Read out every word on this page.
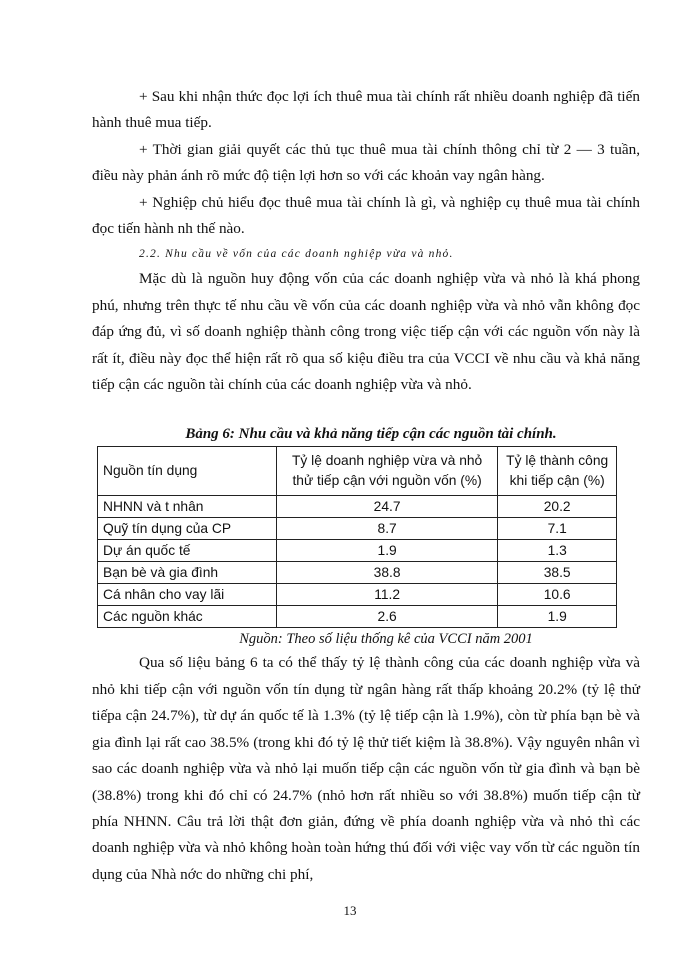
+ Sau khi nhận thức đọc lợi ích thuê mua tài chính rất nhiều doanh nghiệp đã tiến hành thuê mua tiếp.

+ Thời gian giải quyết các thủ tục thuê mua tài chính thông chỉ từ 2 — 3 tuần, điều này phản ánh rõ mức độ tiện lợi hơn so với các khoản vay ngân hàng.

+ Nghiệp chủ hiểu đọc thuê mua tài chính là gì, và nghiệp cụ thuê mua tài chính đọc tiến hành nh thế nào.

2.2. Nhu cầu về vốn của các doanh nghiệp vừa và nhỏ.

Mặc dù là nguồn huy động vốn của các doanh nghiệp vừa và nhỏ là khá phong phú, nhưng trên thực tế nhu cầu về vốn của các doanh nghiệp vừa và nhỏ vẫn không đọc đáp ứng đủ, vì số doanh nghiệp thành công trong việc tiếp cận với các nguồn vốn này là rất ít, điều này đọc thể hiện rất rõ qua số kiệu điều tra của VCCI về nhu cầu và khả năng tiếp cận các nguồn tài chính của các doanh nghiệp vừa và nhỏ.

Bảng 6: Nhu cầu và khả năng tiếp cận các nguồn tài chính.
Nguồn tín dụng	Tỷ lệ doanh nghiệp vừa và nhỏ thử tiếp cận với nguồn vốn (%)	Tỷ lệ thành công khi tiếp cận (%)
NHNN và t nhân	24.7	20.2
Quỹ tín dụng của CP	8.7	7.1
Dự án quốc tế	1.9	1.3
Bạn bè và gia đình	38.8	38.5
Cá nhân cho vay lãi	11.2	10.6
Các nguồn khác	2.6	1.9

Nguồn: Theo số liệu thống kê của VCCI năm 2001

Qua số liệu bảng 6 ta có thể thấy tỷ lệ thành công của các doanh nghiệp vừa và nhỏ khi tiếp cận với nguồn vốn tín dụng từ ngân hàng rất thấp khoảng 20.2% (tỷ lệ thử tiếpa cận 24.7%), từ dự án quốc tế là 1.3% (tỷ lệ tiếp cận là 1.9%), còn từ phía bạn bè và gia đình lại rất cao 38.5% (trong khi đó tỷ lệ thử tiết kiệm là 38.8%). Vậy nguyên nhân vì sao các doanh nghiệp vừa và nhỏ lại muốn tiếp cận các nguồn vốn từ gia đình và bạn bè (38.8%) trong khi đó chỉ có 24.7% (nhỏ hơn rất nhiều so với 38.8%) muốn tiếp cận từ phía NHNN. Câu trả lời thật đơn giản, đứng về phía doanh nghiệp vừa và nhỏ thì các doanh nghiệp vừa và nhỏ không hoàn toàn hứng thú đối với việc vay vốn từ các nguồn tín dụng của Nhà nớc do những chi phí,

13
